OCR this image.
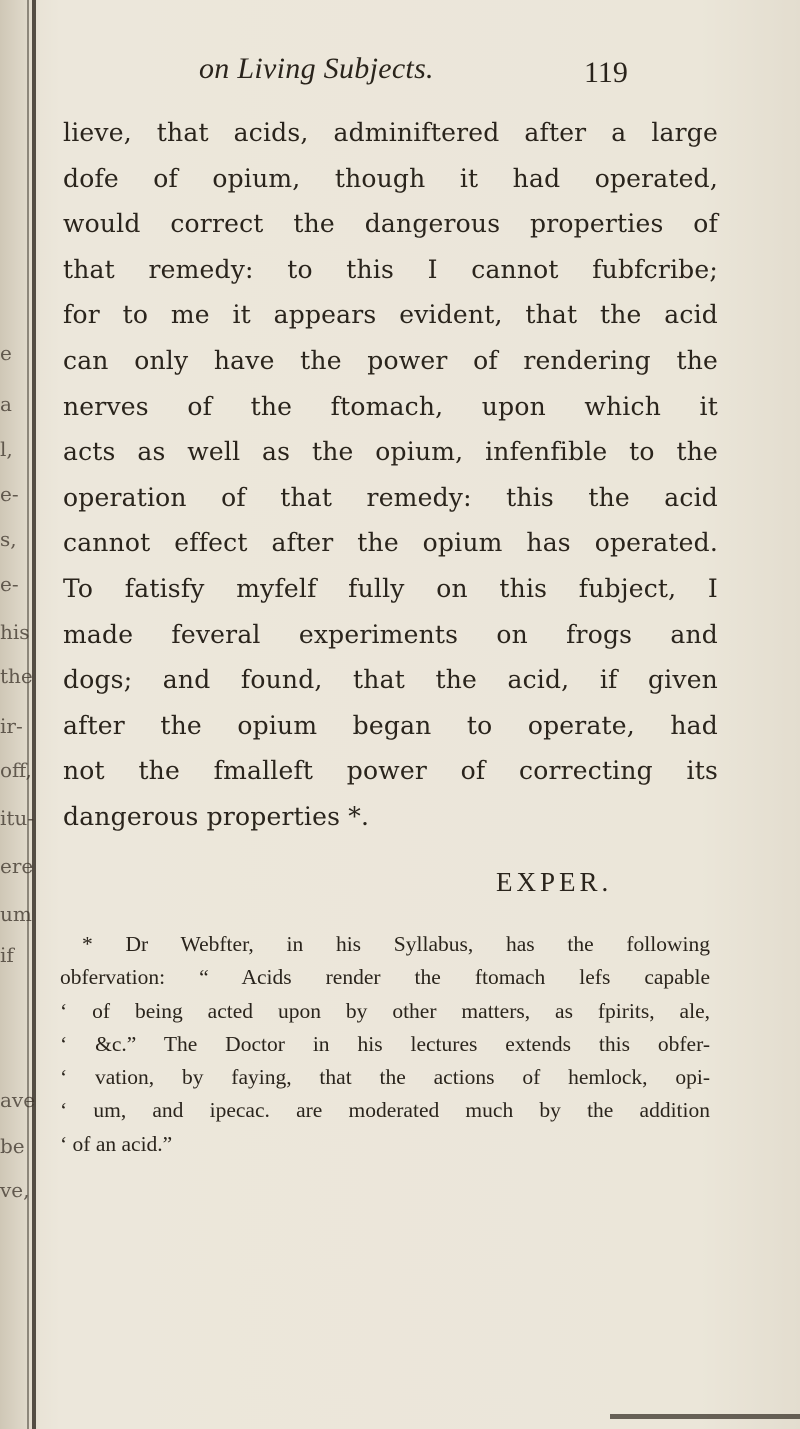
e
a
l,
e-
s,
e-
his
the
ir-
off,
itu-
ere
um
if
ave
be
ve,
on Living Subjects.	119
lieve, that acids, adminiftered after a large
dofe of opium, though it had operated,
would correct the dangerous properties of
that remedy: to this I cannot fubfcribe;
for to me it appears evident, that the acid
can only have the power of rendering the
nerves of the ftomach, upon which it
acts as well as the opium, infenfible to the
operation of that remedy: this the acid
cannot effect after the opium has operated.
To fatisfy myfelf fully on this fubject, I
made feveral experiments on frogs and
dogs; and found, that the acid, if given
after the opium began to operate, had
not the fmalleft power of correcting its
dangerous properties *.
EXPER.
* Dr Webfter, in his Syllabus, has the following
obfervation: “ Acids render the ftomach lefs capable
‘ of being acted upon by other matters, as fpirits, ale,
‘ &c.” The Doctor in his lectures extends this obfer-
‘ vation, by faying, that the actions of hemlock, opi-
‘ um, and ipecac. are moderated much by the addition
‘ of an acid.”
